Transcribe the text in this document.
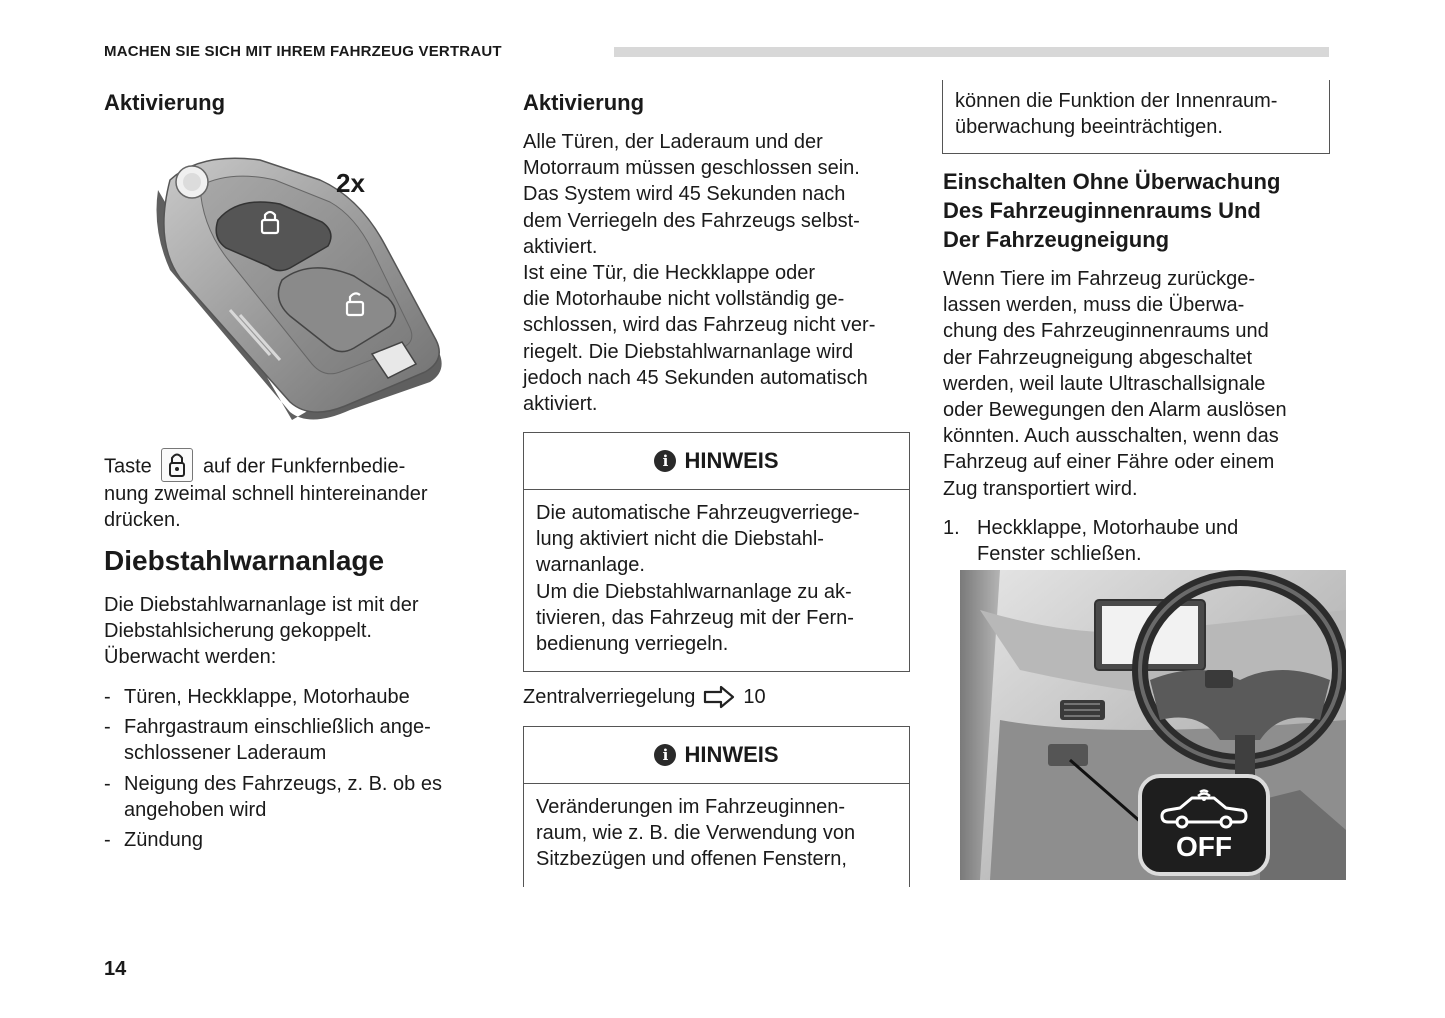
MACHEN SIE SICH MIT IHREM FAHRZEUG VERTRAUT
Aktivierung
2x
Taste	auf der Funkfernbedie-
nung zweimal schnell hintereinander
drücken.
Diebstahlwarnanlage
Die Diebstahlwarnanlage ist mit der
Diebstahlsicherung gekoppelt.
Überwacht werden:
- Türen, Heckklappe, Motorhaube
- Fahrgastraum einschließlich ange-
schlossener Laderaum
- Neigung des Fahrzeugs, z. B. ob es
angehoben wird
- Zündung
Aktivierung
Alle Türen, der Laderaum und der
Motorraum müssen geschlossen sein.
Das System wird 45 Sekunden nach
dem Verriegeln des Fahrzeugs selbst-
aktiviert.
Ist eine Tür, die Heckklappe oder
die Motorhaube nicht vollständig ge-
schlossen, wird das Fahrzeug nicht ver-
riegelt. Die Diebstahlwarnanlage wird
jedoch nach 45 Sekunden automatisch
aktiviert.
i HINWEIS
Die automatische Fahrzeugverriege-
lung aktiviert nicht die Diebstahl-
warnanlage.
Um die Diebstahlwarnanlage zu ak-
tivieren, das Fahrzeug mit der Fern-
bedienung verriegeln.
Zentralverriegelung 10
i HINWEIS
Veränderungen im Fahrzeuginnen-
raum, wie z. B. die Verwendung von
Sitzbezügen und offenen Fenstern,
können die Funktion der Innenraum-
überwachung beeinträchtigen.
Einschalten Ohne Überwachung
Des Fahrzeuginnenraums Und
Der Fahrzeugneigung
Wenn Tiere im Fahrzeug zurückge-
lassen werden, muss die Überwa-
chung des Fahrzeuginnenraums und
der Fahrzeugneigung abgeschaltet
werden, weil laute Ultraschallsignale
oder Bewegungen den Alarm auslösen
könnten. Auch ausschalten, wenn das
Fahrzeug auf einer Fähre oder einem
Zug transportiert wird.
1. Heckklappe, Motorhaube und
Fenster schließen.
OFF
14
